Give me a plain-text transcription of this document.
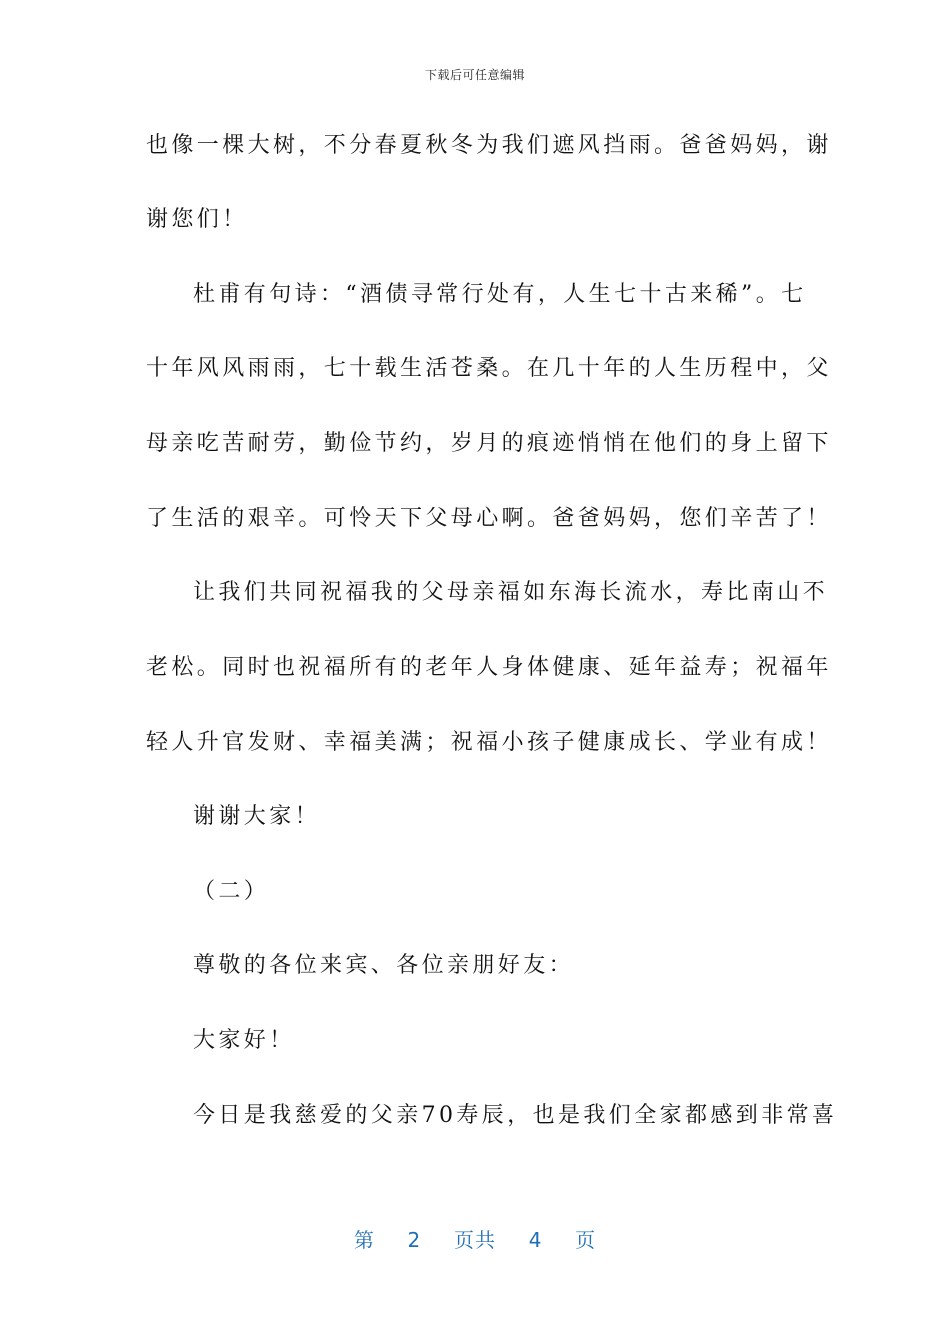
下载后可任意编辑
也像一棵大树，不分春夏秋冬为我们遮风挡雨。爸爸妈妈，谢
谢您们！
杜甫有句诗：“酒债寻常行处有，人生七十古来稀”。七
十年风风雨雨，七十载生活苍桑。在几十年的人生历程中，父
母亲吃苦耐劳，勤俭节约，岁月的痕迹悄悄在他们的身上留下
了生活的艰辛。可怜天下父母心啊。爸爸妈妈，您们辛苦了！
让我们共同祝福我的父母亲福如东海长流水，寿比南山不
老松。同时也祝福所有的老年人身体健康、延年益寿；祝福年
轻人升官发财、幸福美满；祝福小孩子健康成长、学业有成！
谢谢大家！
（二）
尊敬的各位来宾、各位亲朋好友：
大家好！
今日是我慈爱的父亲70寿辰，也是我们全家都感到非常喜
第 2 页共 4 页
